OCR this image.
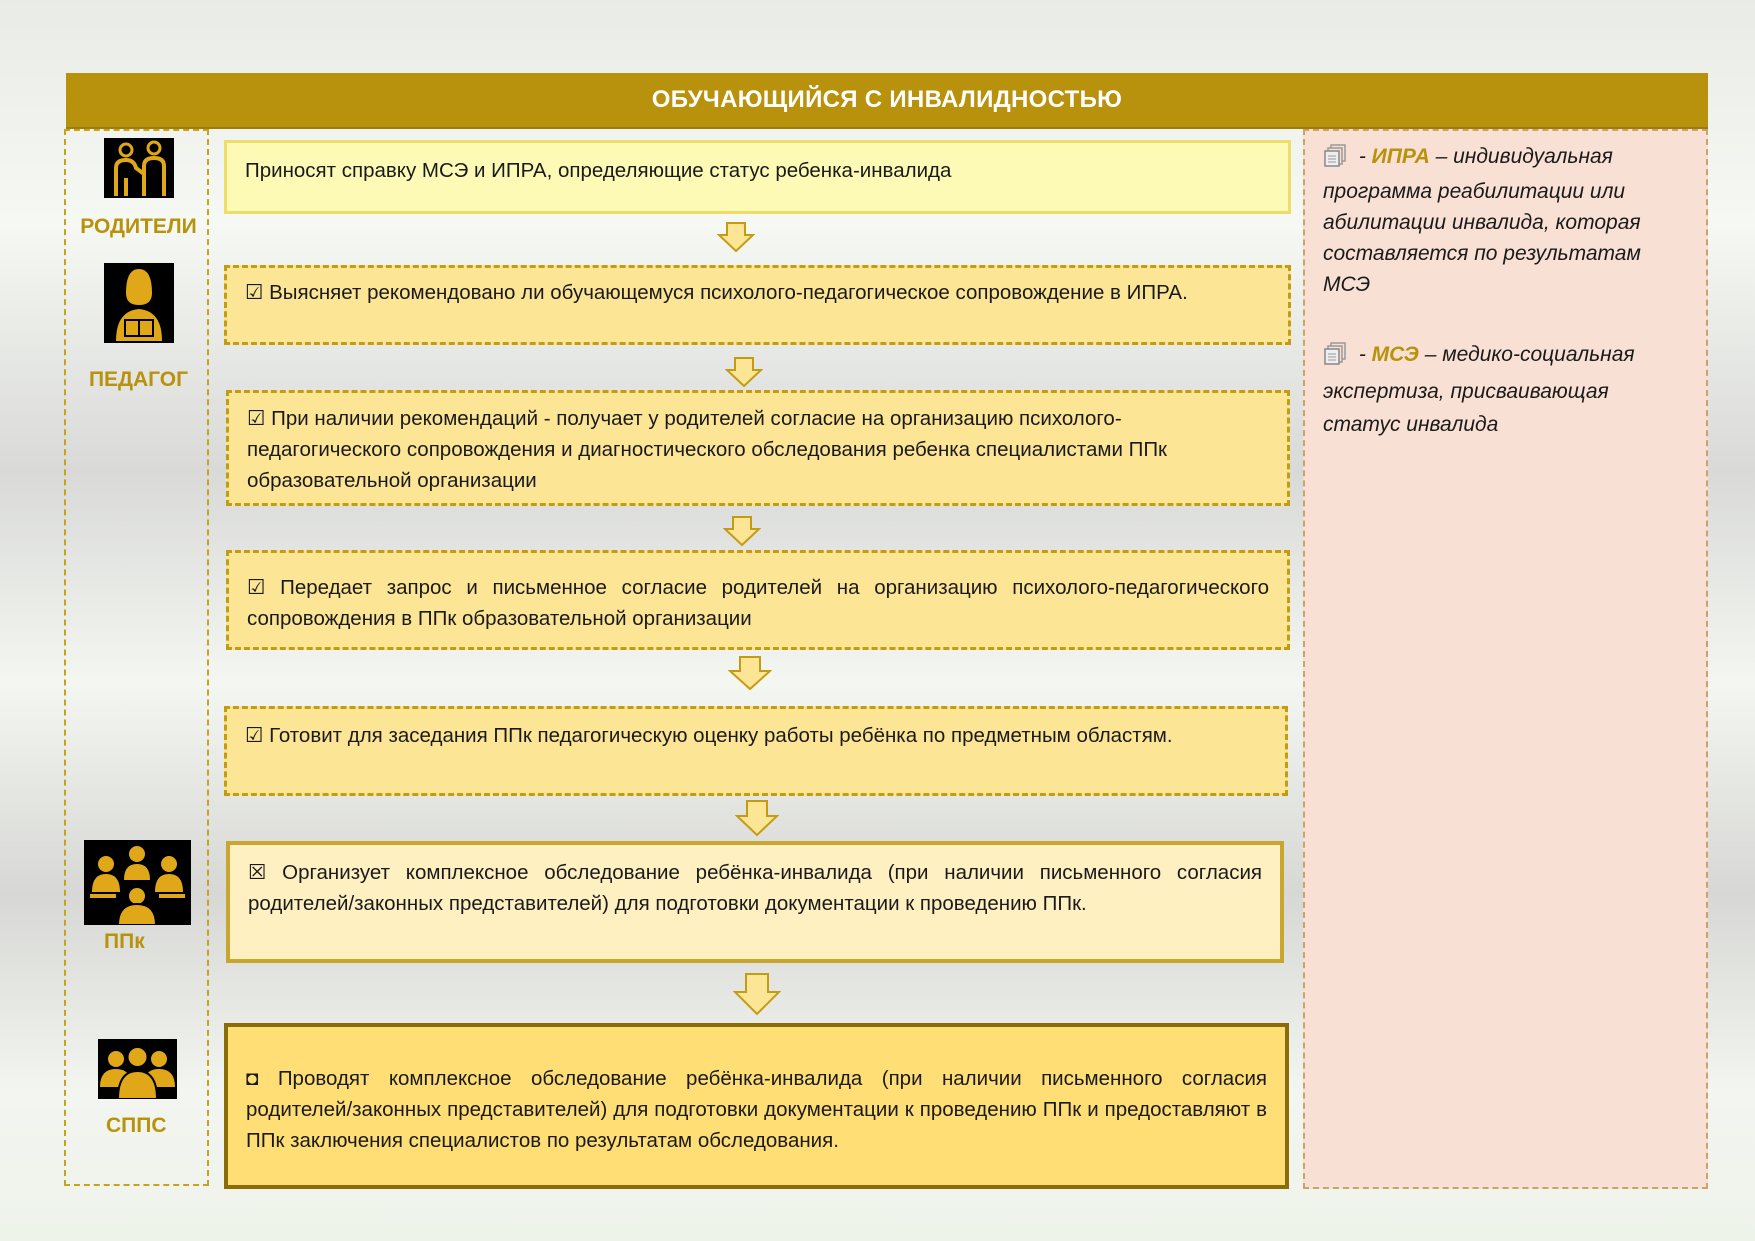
ОБУЧАЮЩИЙСЯ С ИНВАЛИДНОСТЬЮ
РОДИТЕЛИ
ПЕДАГОГ
ППк
СППС
Приносят справку МСЭ и ИПРА, определяющие статус ребенка-инвалида
☑ Выясняет рекомендовано ли обучающемуся психолого-педагогическое сопровождение в ИПРА.
☑ При наличии рекомендаций - получает у родителей согласие на организацию психолого-педагогического сопровождения и диагностического обследования ребенка специалистами ППк образовательной организации
☑ Передает запрос и письменное согласие родителей на организацию психолого-педагогического сопровождения в ППк образовательной организации
☑ Готовит для заседания ППк педагогическую оценку работы ребёнка по предметным областям.
☒ Организует комплексное обследование ребёнка-инвалида (при наличии письменного согласия родителей/законных представителей) для подготовки документации к проведению ППк.
◘ Проводят комплексное обследование ребёнка-инвалида (при наличии письменного согласия родителей/законных представителей) для подготовки документации к проведению ППк и предоставляют в ППк заключения специалистов по результатам обследования.
- ИПРА – индивидуальная программа реабилитации или абилитации инвалида, которая составляется по результатам МСЭ
- МСЭ – медико-социальная экспертиза, присваивающая статус инвалида
